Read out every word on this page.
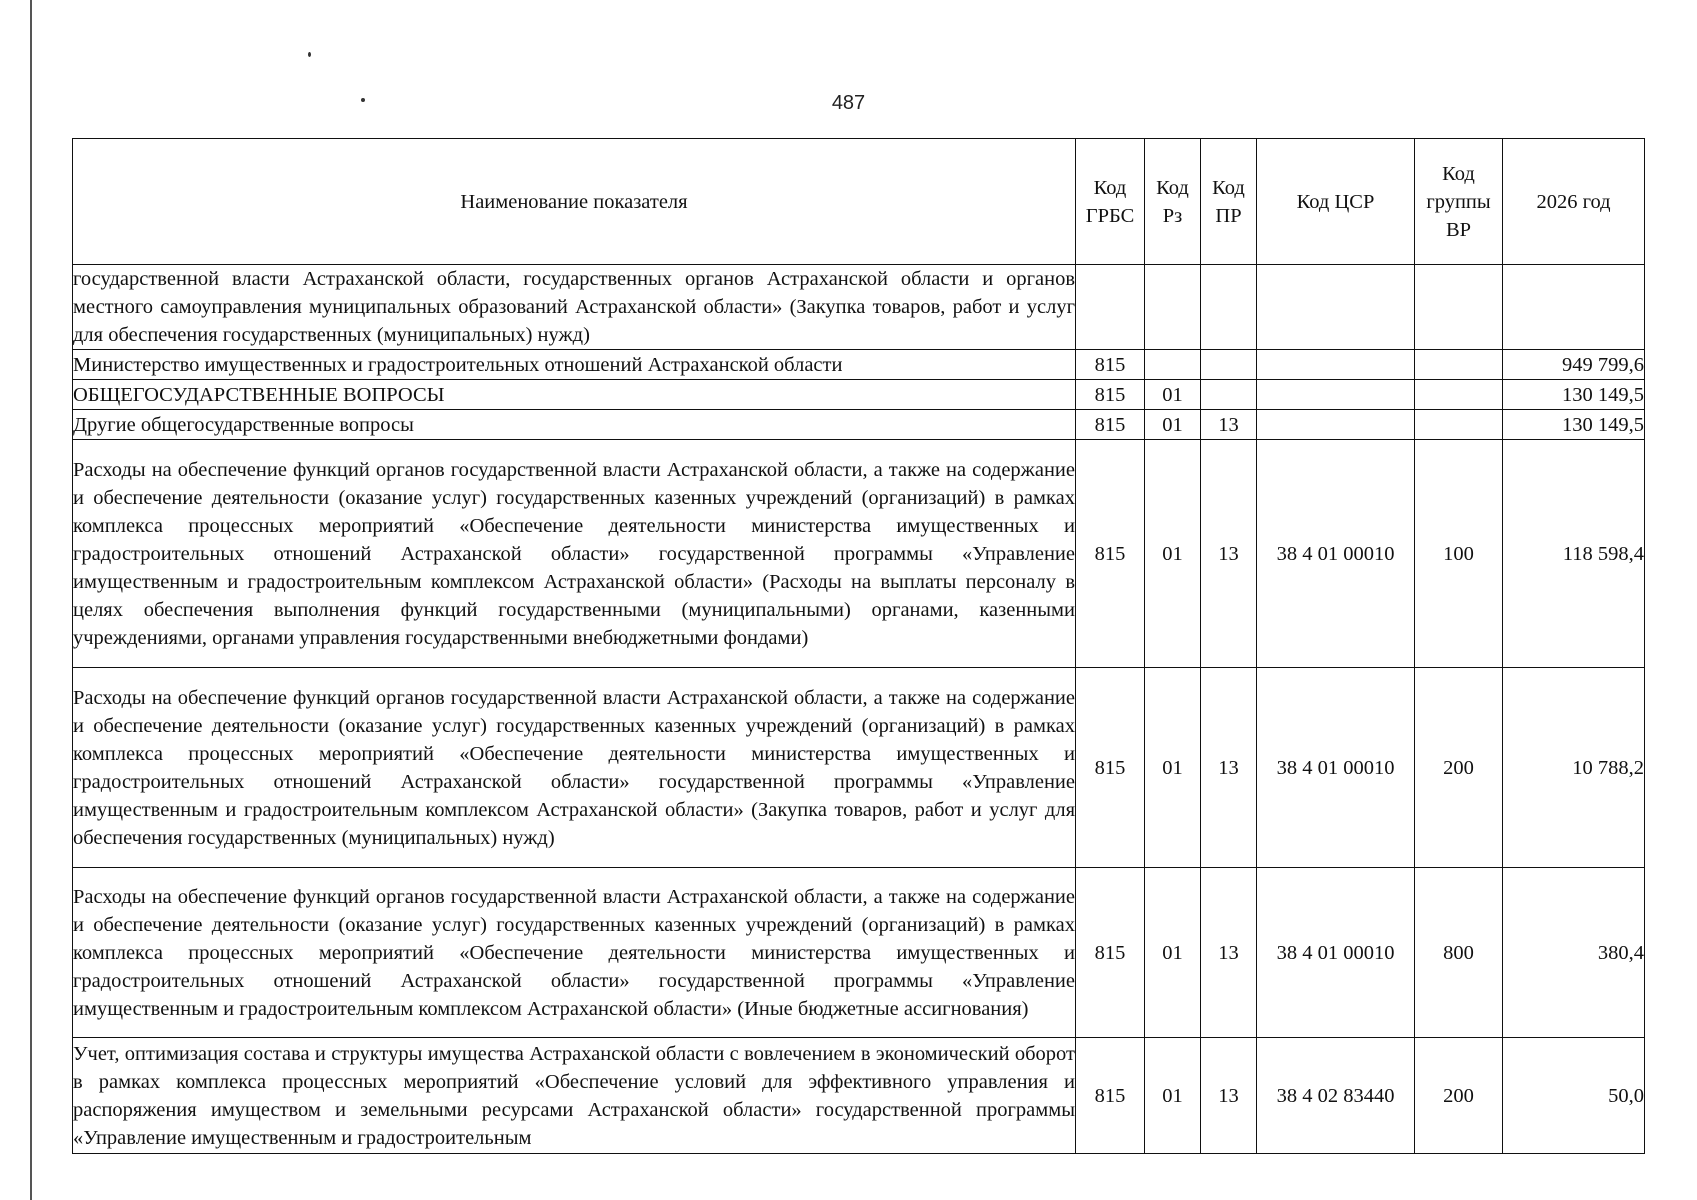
487
Наименование показателя	Код ГРБС	Код Рз	Код ПР	Код ЦСР	Код группы ВР	2026 год
государственной власти Астраханской области, государственных органов Астраханской области и органов местного самоуправления муниципальных образований Астраханской области» (Закупка товаров, работ и услуг для обеспечения государственных (муниципальных) нужд)						
Министерство имущественных и градостроительных отношений Астраханской области	815					949 799,6
ОБЩЕГОСУДАРСТВЕННЫЕ ВОПРОСЫ	815	01				130 149,5
Другие общегосударственные вопросы	815	01	13			130 149,5
Расходы на обеспечение функций органов государственной власти Астраханской области, а также на содержание и обеспечение деятельности (оказание услуг) государственных казенных учреждений (организаций) в рамках комплекса процессных мероприятий «Обеспечение деятельности министерства имущественных и градостроительных отношений Астраханской области» государственной программы «Управление имущественным и градостроительным комплексом Астраханской области» (Расходы на выплаты персоналу в целях обеспечения выполнения функций государственными (муниципальными) органами, казенными учреждениями, органами управления государственными внебюджетными фондами)	815	01	13	38 4 01 00010	100	118 598,4
Расходы на обеспечение функций органов государственной власти Астраханской области, а также на содержание и обеспечение деятельности (оказание услуг) государственных казенных учреждений (организаций) в рамках комплекса процессных мероприятий «Обеспечение деятельности министерства имущественных и градостроительных отношений Астраханской области» государственной программы «Управление имущественным и градостроительным комплексом Астраханской области» (Закупка товаров, работ и услуг для обеспечения государственных (муниципальных) нужд)	815	01	13	38 4 01 00010	200	10 788,2
Расходы на обеспечение функций органов государственной власти Астраханской области, а также на содержание и обеспечение деятельности (оказание услуг) государственных казенных учреждений (организаций) в рамках комплекса процессных мероприятий «Обеспечение деятельности министерства имущественных и градостроительных отношений Астраханской области» государственной программы «Управление имущественным и градостроительным комплексом Астраханской области» (Иные бюджетные ассигнования)	815	01	13	38 4 01 00010	800	380,4
Учет, оптимизация состава и структуры имущества Астраханской области с вовлечением в экономический оборот в рамках комплекса процессных мероприятий «Обеспечение условий для эффективного управления и распоряжения имуществом и земельными ресурсами Астраханской области» государственной программы «Управление имущественным и градостроительным	815	01	13	38 4 02 83440	200	50,0
